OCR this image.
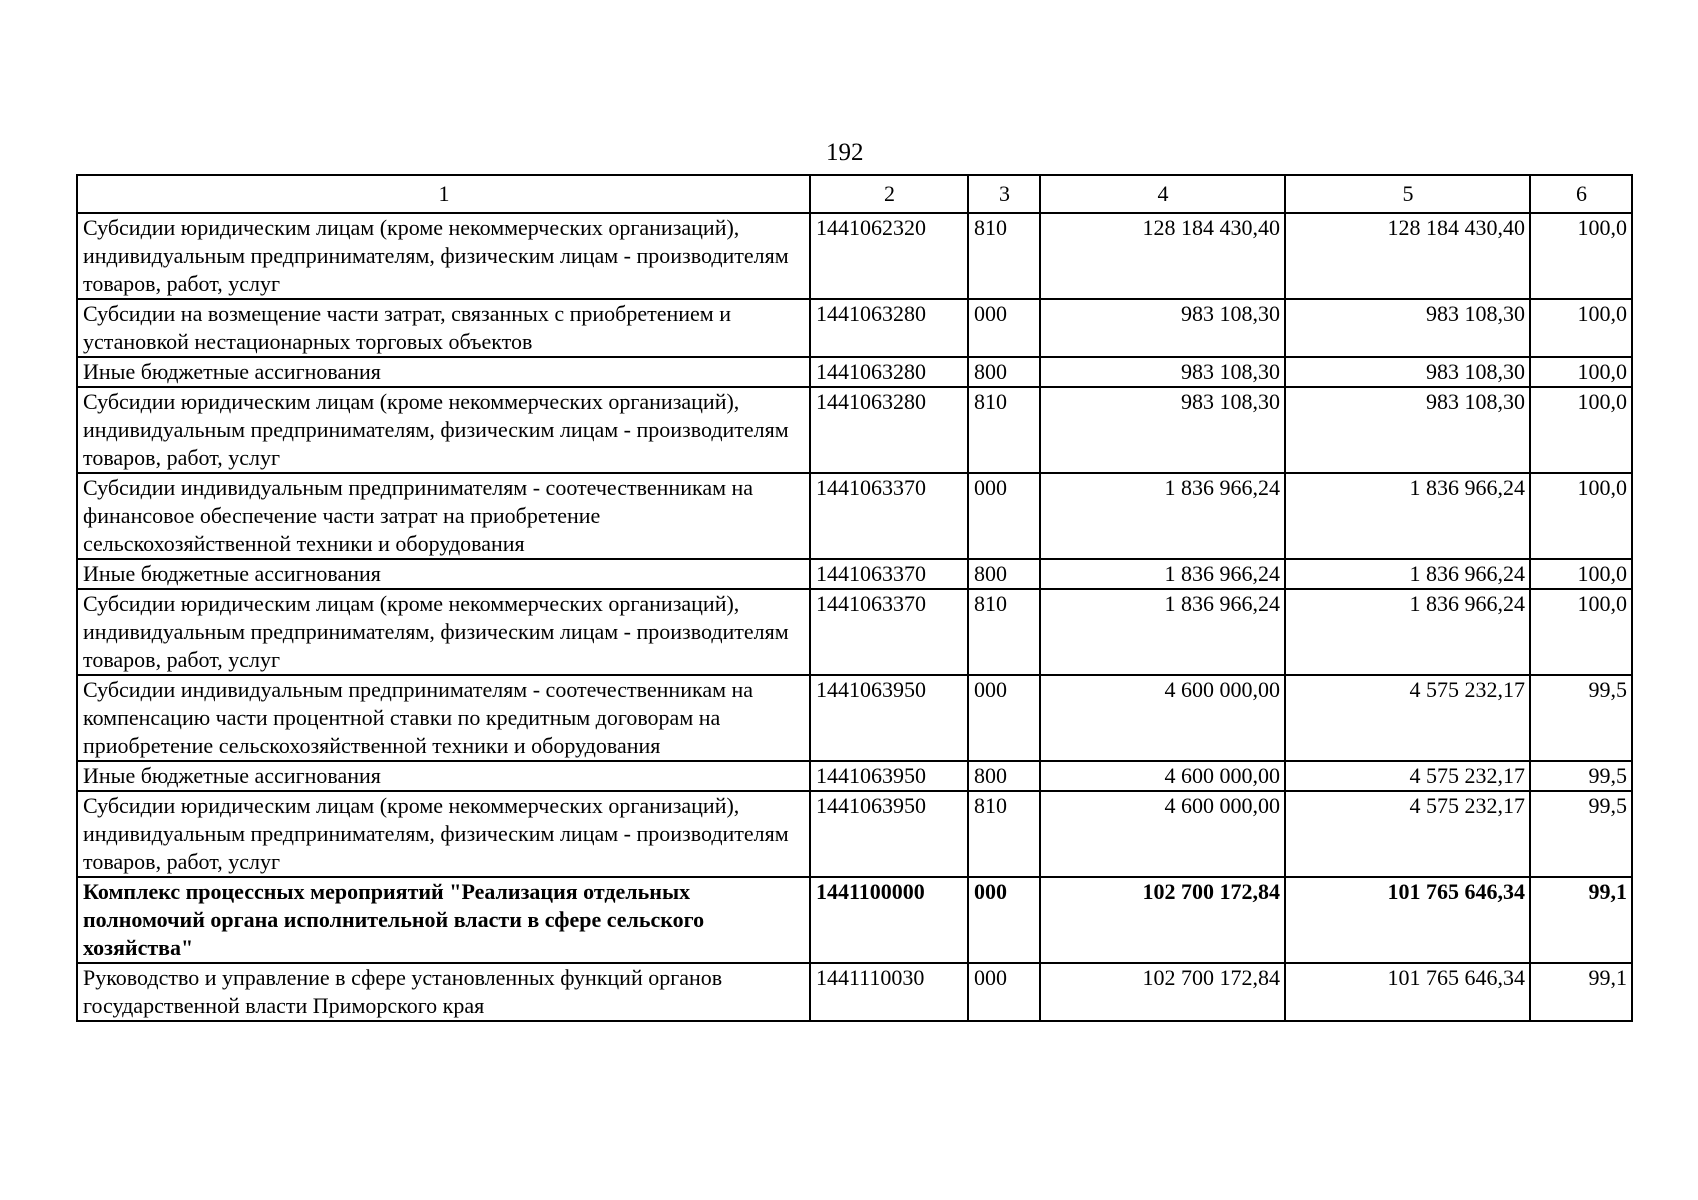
192
1	2	3	4	5	6
Субсидии юридическим лицам (кроме некоммерческих организаций), индивидуальным предпринимателям, физическим лицам - производителям товаров, работ, услуг	1441062320	810	128 184 430,40	128 184 430,40	100,0
Субсидии на возмещение части затрат, связанных с приобретением и установкой нестационарных торговых объектов	1441063280	000	983 108,30	983 108,30	100,0
Иные бюджетные ассигнования	1441063280	800	983 108,30	983 108,30	100,0
Субсидии юридическим лицам (кроме некоммерческих организаций), индивидуальным предпринимателям, физическим лицам - производителям товаров, работ, услуг	1441063280	810	983 108,30	983 108,30	100,0
Субсидии индивидуальным предпринимателям - соотечественникам на финансовое обеспечение части затрат на приобретение сельскохозяйственной техники и оборудования	1441063370	000	1 836 966,24	1 836 966,24	100,0
Иные бюджетные ассигнования	1441063370	800	1 836 966,24	1 836 966,24	100,0
Субсидии юридическим лицам (кроме некоммерческих организаций), индивидуальным предпринимателям, физическим лицам - производителям товаров, работ, услуг	1441063370	810	1 836 966,24	1 836 966,24	100,0
Субсидии индивидуальным предпринимателям - соотечественникам на компенсацию части процентной ставки по кредитным договорам на приобретение сельскохозяйственной техники и оборудования	1441063950	000	4 600 000,00	4 575 232,17	99,5
Иные бюджетные ассигнования	1441063950	800	4 600 000,00	4 575 232,17	99,5
Субсидии юридическим лицам (кроме некоммерческих организаций), индивидуальным предпринимателям, физическим лицам - производителям товаров, работ, услуг	1441063950	810	4 600 000,00	4 575 232,17	99,5
Комплекс процессных мероприятий "Реализация отдельных полномочий органа исполнительной власти в сфере сельского хозяйства"	1441100000	000	102 700 172,84	101 765 646,34	99,1
Руководство и управление в сфере установленных функций органов государственной власти Приморского края	1441110030	000	102 700 172,84	101 765 646,34	99,1
